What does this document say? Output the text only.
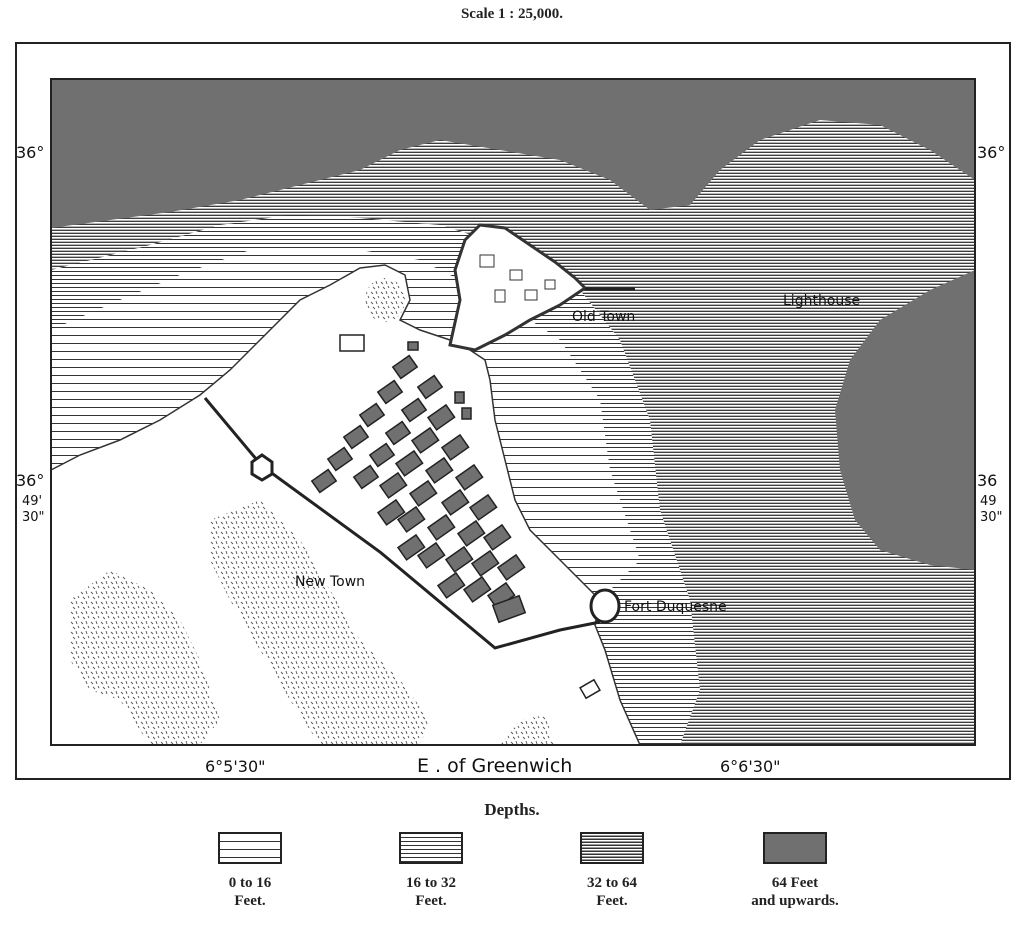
Scale 1 : 25,000.
Old Town
Lighthouse
New Town
Fort Duquesne
36°	36°
36°
49'
30"
36
49
30"
6°5'30"	E . of Greenwich	6°6'30"
Depths.
0 to 16
Feet.
16 to 32
Feet.
32 to 64
Feet.
64 Feet
and upwards.
